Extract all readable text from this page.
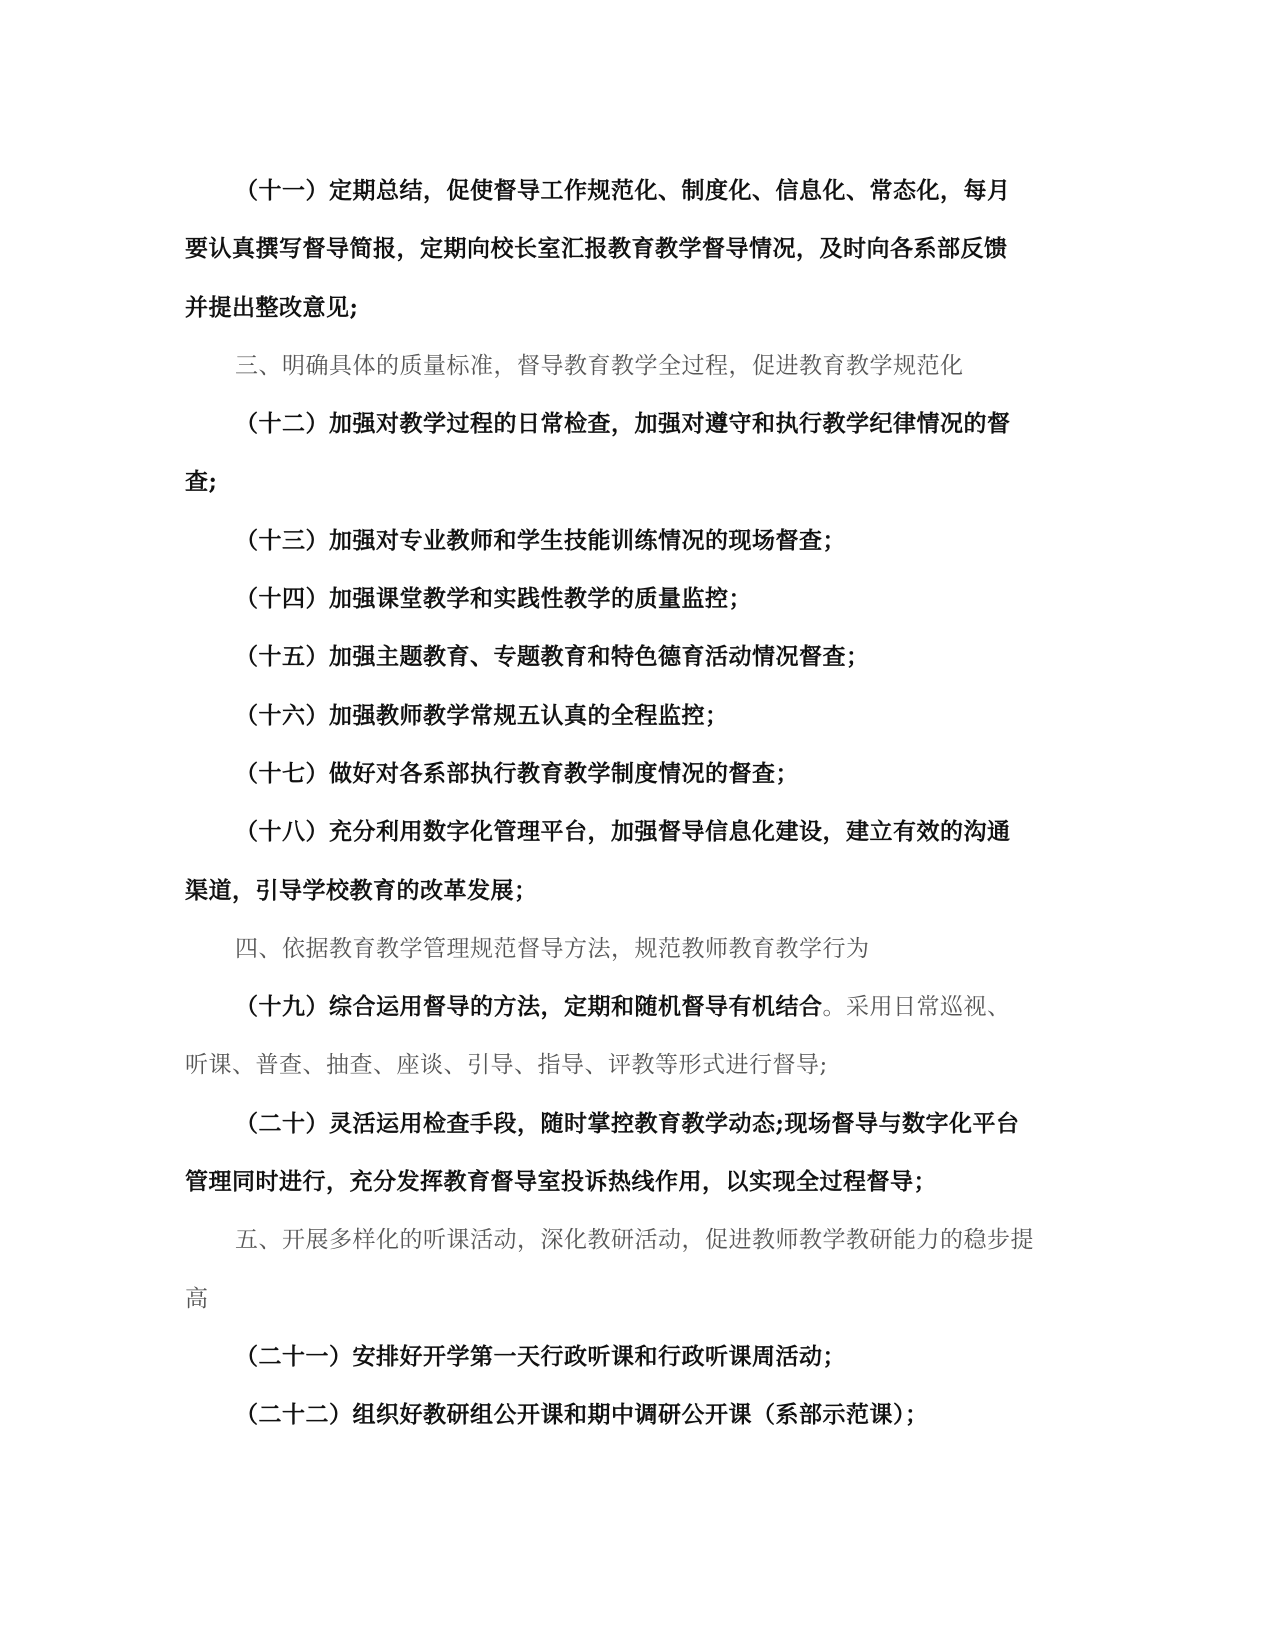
（十一）定期总结，促使督导工作规范化、制度化、信息化、常态化，每月
要认真撰写督导简报，定期向校长室汇报教育教学督导情况，及时向各系部反馈
并提出整改意见;
三、明确具体的质量标准，督导教育教学全过程，促进教育教学规范化
（十二）加强对教学过程的日常检查，加强对遵守和执行教学纪律情况的督
查;
（十三）加强对专业教师和学生技能训练情况的现场督查；
（十四）加强课堂教学和实践性教学的质量监控；
（十五）加强主题教育、专题教育和特色德育活动情况督查；
（十六）加强教师教学常规五认真的全程监控；
（十七）做好对各系部执行教育教学制度情况的督查；
（十八）充分利用数字化管理平台，加强督导信息化建设，建立有效的沟通
渠道，引导学校教育的改革发展；
四、依据教育教学管理规范督导方法，规范教师教育教学行为
（十九）综合运用督导的方法，定期和随机督导有机结合。采用日常巡视、
听课、普查、抽查、座谈、引导、指导、评教等形式进行督导;
（二十）灵活运用检查手段，随时掌控教育教学动态;现场督导与数字化平台
管理同时进行，充分发挥教育督导室投诉热线作用，以实现全过程督导；
五、开展多样化的听课活动，深化教研活动，促进教师教学教研能力的稳步提
高
（二十一）安排好开学第一天行政听课和行政听课周活动；
（二十二）组织好教研组公开课和期中调研公开课（系部示范课）；
